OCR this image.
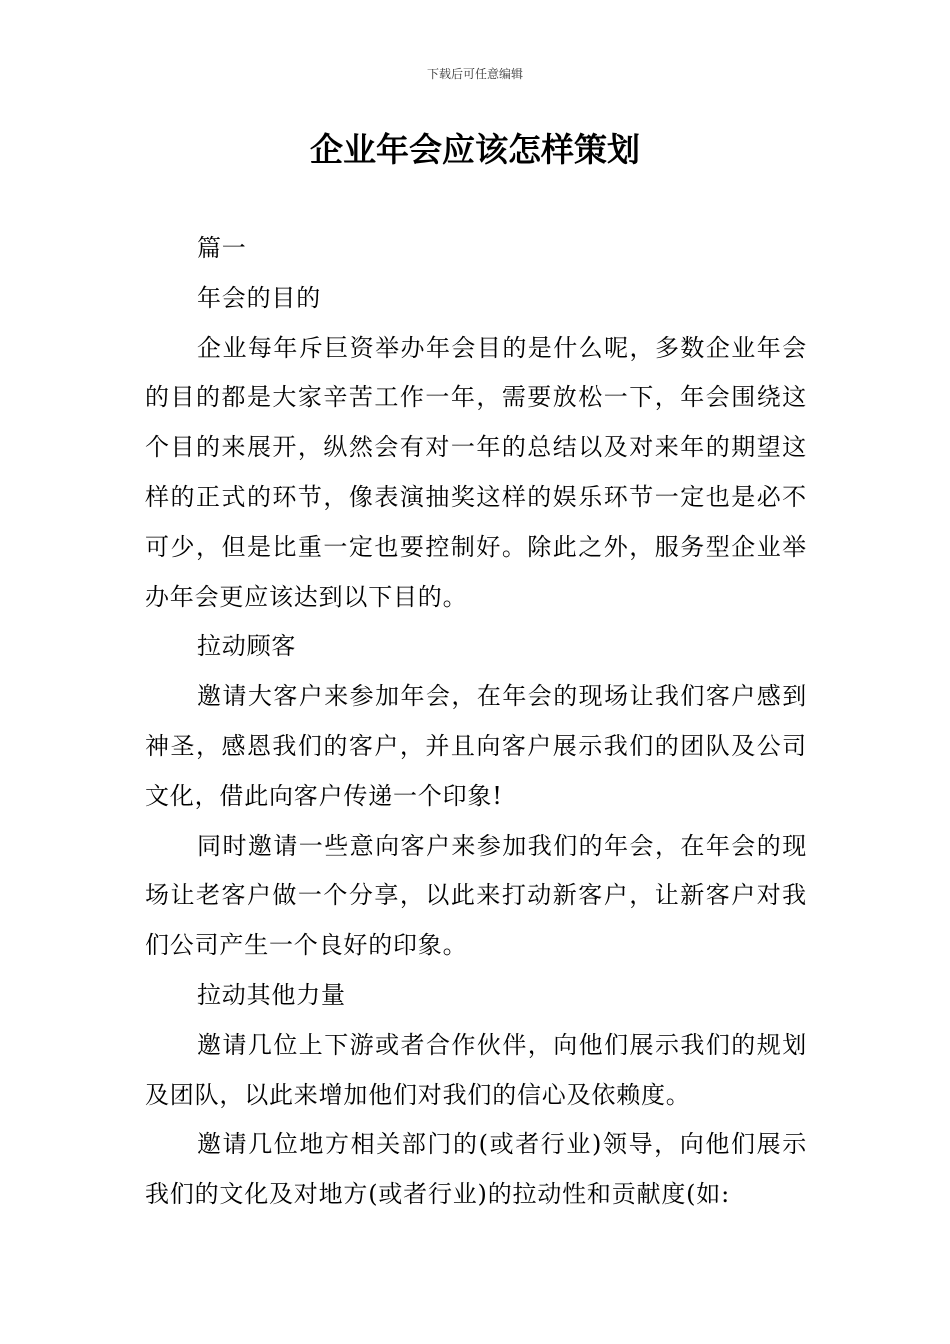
下载后可任意编辑
企业年会应该怎样策划

篇一

年会的目的

企业每年斥巨资举办年会目的是什么呢，多数企业年会的目的都是大家辛苦工作一年，需要放松一下，年会围绕这个目的来展开，纵然会有对一年的总结以及对来年的期望这样的正式的环节，像表演抽奖这样的娱乐环节一定也是必不可少，但是比重一定也要控制好。除此之外，服务型企业举办年会更应该达到以下目的。

拉动顾客

邀请大客户来参加年会，在年会的现场让我们客户感到神圣，感恩我们的客户，并且向客户展示我们的团队及公司文化，借此向客户传递一个印象!

同时邀请一些意向客户来参加我们的年会，在年会的现场让老客户做一个分享，以此来打动新客户，让新客户对我们公司产生一个良好的印象。

拉动其他力量

邀请几位上下游或者合作伙伴，向他们展示我们的规划及团队，以此来增加他们对我们的信心及依赖度。

邀请几位地方相关部门的(或者行业)领导，向他们展示我们的文化及对地方(或者行业)的拉动性和贡献度(如:
